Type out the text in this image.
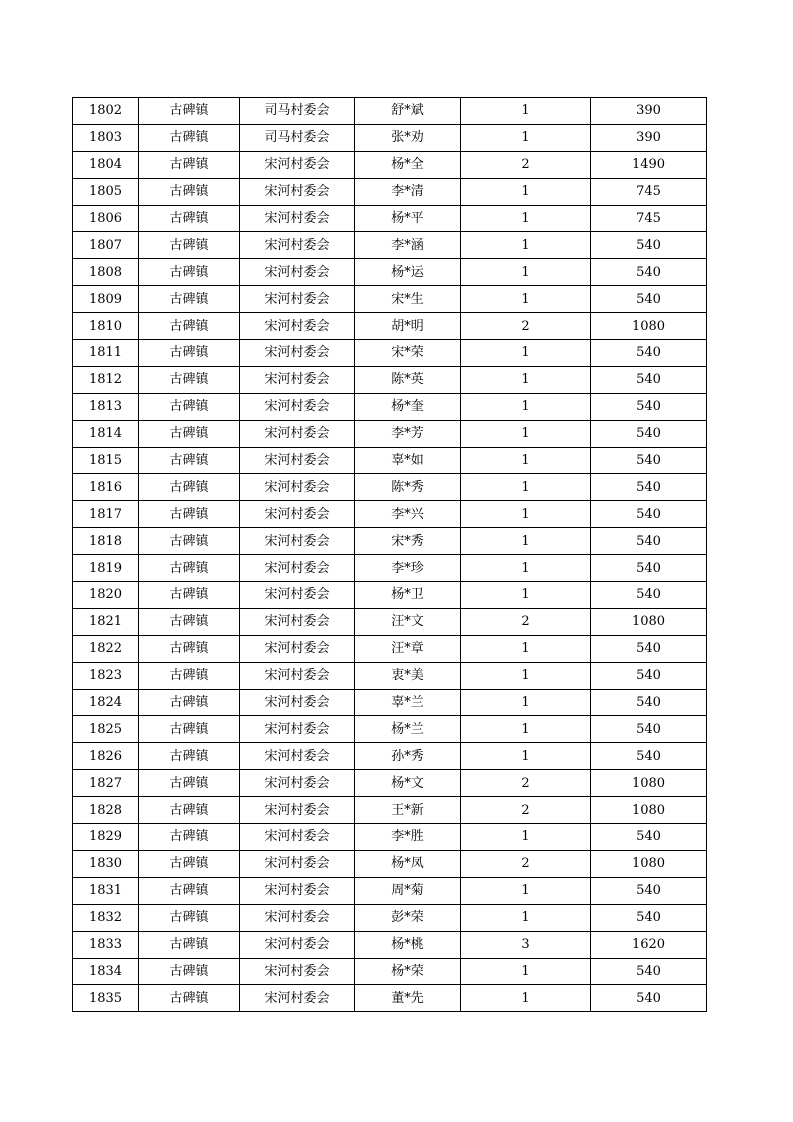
1802	古碑镇	司马村委会	舒*斌	1	390
1803	古碑镇	司马村委会	张*劝	1	390
1804	古碑镇	宋河村委会	杨*全	2	1490
1805	古碑镇	宋河村委会	李*清	1	745
1806	古碑镇	宋河村委会	杨*平	1	745
1807	古碑镇	宋河村委会	李*涵	1	540
1808	古碑镇	宋河村委会	杨*运	1	540
1809	古碑镇	宋河村委会	宋*生	1	540
1810	古碑镇	宋河村委会	胡*明	2	1080
1811	古碑镇	宋河村委会	宋*荣	1	540
1812	古碑镇	宋河村委会	陈*英	1	540
1813	古碑镇	宋河村委会	杨*奎	1	540
1814	古碑镇	宋河村委会	李*芳	1	540
1815	古碑镇	宋河村委会	辜*如	1	540
1816	古碑镇	宋河村委会	陈*秀	1	540
1817	古碑镇	宋河村委会	李*兴	1	540
1818	古碑镇	宋河村委会	宋*秀	1	540
1819	古碑镇	宋河村委会	李*珍	1	540
1820	古碑镇	宋河村委会	杨*卫	1	540
1821	古碑镇	宋河村委会	汪*文	2	1080
1822	古碑镇	宋河村委会	汪*章	1	540
1823	古碑镇	宋河村委会	衷*美	1	540
1824	古碑镇	宋河村委会	辜*兰	1	540
1825	古碑镇	宋河村委会	杨*兰	1	540
1826	古碑镇	宋河村委会	孙*秀	1	540
1827	古碑镇	宋河村委会	杨*文	2	1080
1828	古碑镇	宋河村委会	王*新	2	1080
1829	古碑镇	宋河村委会	李*胜	1	540
1830	古碑镇	宋河村委会	杨*凤	2	1080
1831	古碑镇	宋河村委会	周*菊	1	540
1832	古碑镇	宋河村委会	彭*荣	1	540
1833	古碑镇	宋河村委会	杨*桃	3	1620
1834	古碑镇	宋河村委会	杨*荣	1	540
1835	古碑镇	宋河村委会	董*先	1	540
